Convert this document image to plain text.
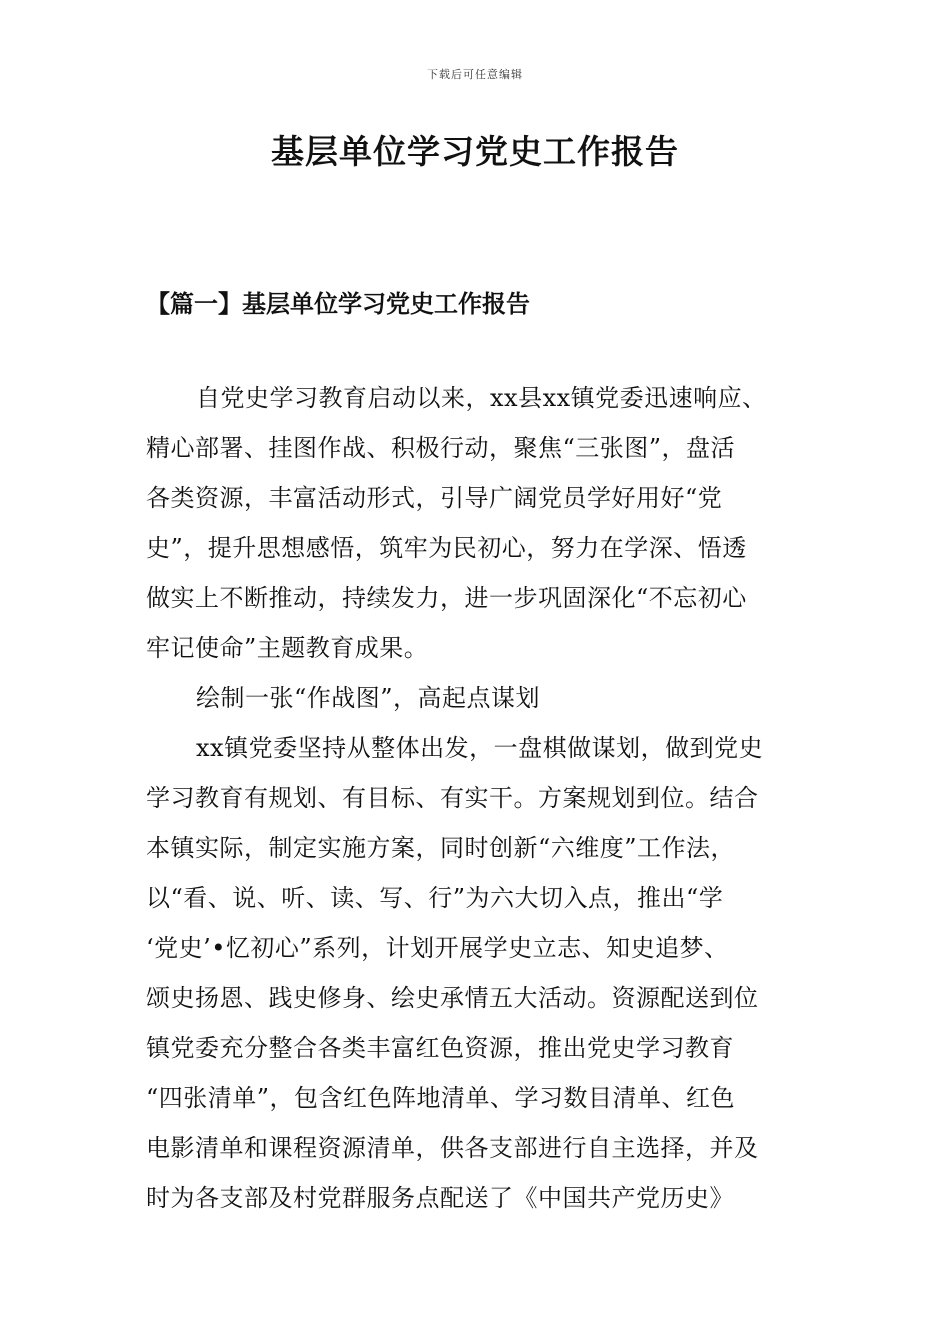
下载后可任意编辑
基层单位学习党史工作报告
【篇一】基层单位学习党史工作报告
自党史学习教育启动以来，xx县xx镇党委迅速响应、
精心部署、挂图作战、积极行动，聚焦“三张图”，盘活
各类资源，丰富活动形式，引导广阔党员学好用好“党
史”，提升思想感悟，筑牢为民初心，努力在学深、悟透
做实上不断推动，持续发力，进一步巩固深化“不忘初心
牢记使命”主题教育成果。
绘制一张“作战图”，高起点谋划
xx镇党委坚持从整体出发，一盘棋做谋划，做到党史
学习教育有规划、有目标、有实干。方案规划到位。结合
本镇实际，制定实施方案，同时创新“六维度”工作法，
以“看、说、听、读、写、行”为六大切入点，推出“学
‘党史’•忆初心”系列，计划开展学史立志、知史追梦、
颂史扬恩、践史修身、绘史承情五大活动。资源配送到位
镇党委充分整合各类丰富红色资源，推出党史学习教育
“四张清单”，包含红色阵地清单、学习数目清单、红色
电影清单和课程资源清单，供各支部进行自主选择，并及
时为各支部及村党群服务点配送了《中国共产党历史》
